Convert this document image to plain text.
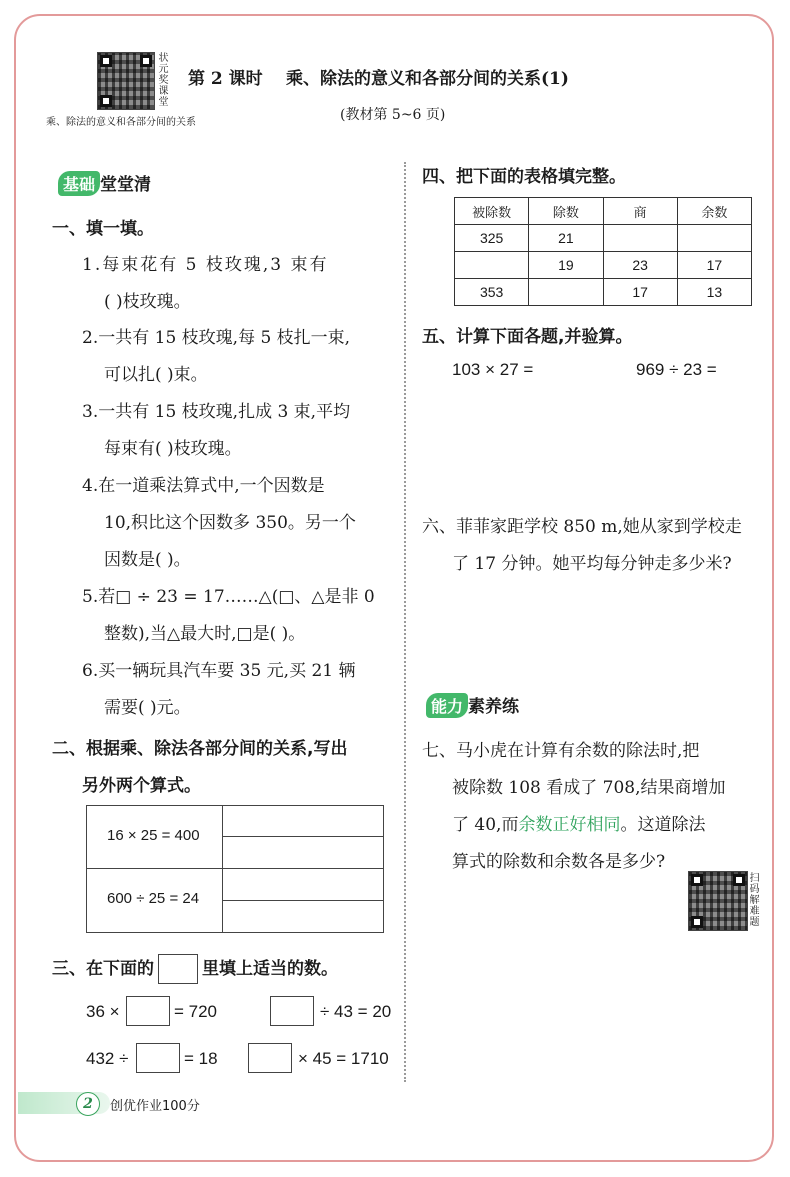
状元奖课堂
乘、除法的意义和各部分间的关系
第 2 课时 乘、除法的意义和各部分间的关系(1)
(教材第 5~6 页)
基础 堂堂清
一、填一填。
1.每束花有 5 枝玫瑰,3 束有
( )枝玫瑰。
2.一共有 15 枝玫瑰,每 5 枝扎一束,
可以扎( )束。
3.一共有 15 枝玫瑰,扎成 3 束,平均
每束有( )枝玫瑰。
4.在一道乘法算式中,一个因数是
10,积比这个因数多 350。另一个
因数是( )。
5.若□ ÷ 23 = 17……△(□、△是非 0
整数),当△最大时,□是( )。
6.买一辆玩具汽车要 35 元,买 21 辆
需要( )元。
二、根据乘、除法各部分间的关系,写出
另外两个算式。
16 × 25 = 400
600 ÷ 25 = 24
三、在下面的	里填上适当的数。
36 ×	= 720	÷ 43 = 20
432 ÷	= 18	× 45 = 1710
四、把下面的表格填完整。
被除数	除数	商	余数
325	21		
	19	23	17
353		17	13
五、计算下面各题,并验算。
103 × 27 =	969 ÷ 23 =
六、菲菲家距学校 850 m,她从家到学校走
了 17 分钟。她平均每分钟走多少米?
能力 素养练
七、马小虎在计算有余数的除法时,把
被除数 108 看成了 708,结果商增加
了 40,而余数正好相同。这道除法
算式的除数和余数各是多少?
扫码解难题
2	创优作业100分
